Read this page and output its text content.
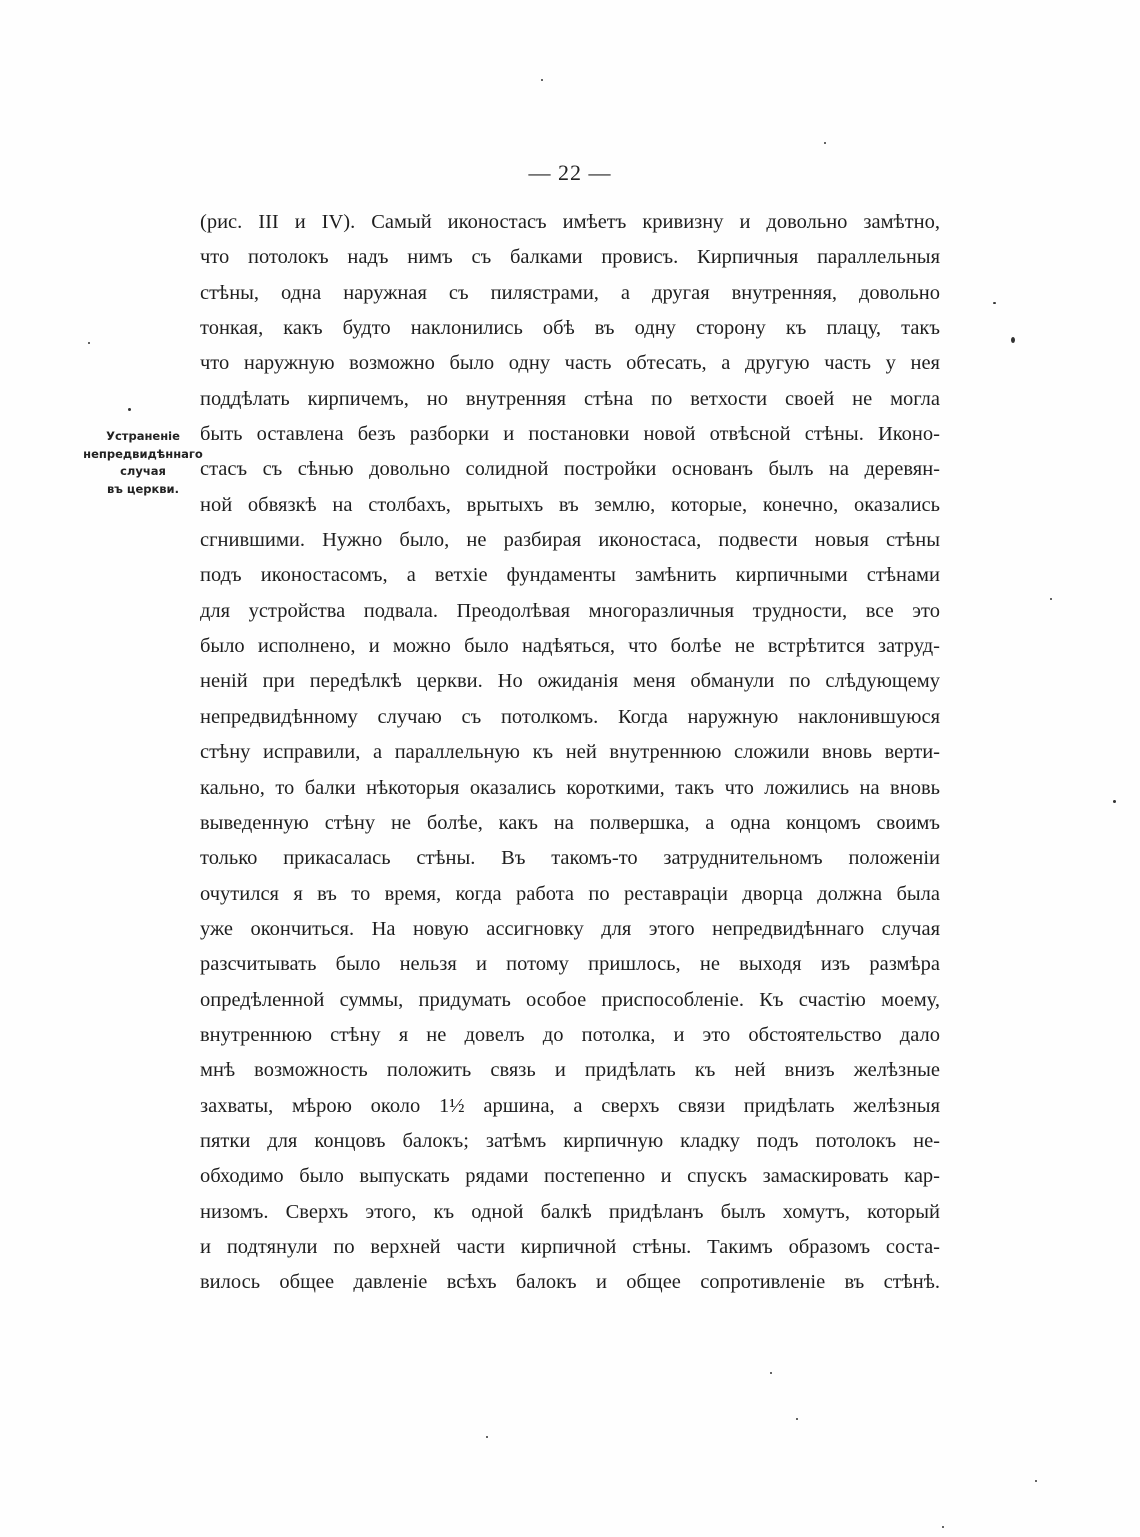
— 22 —
Устраненіе
непредвидѣннаго
случая
въ церкви.
(рис. III и IV). Самый иконостасъ имѣетъ кривизну и довольно замѣтно,
что потолокъ надъ нимъ съ балками провисъ. Кирпичныя параллельныя
стѣны, одна наружная съ пилястрами, а другая внутренняя, довольно
тонкая, какъ будто наклонились обѣ въ одну сторону къ плацу, такъ
что наружную возможно было одну часть обтесать, а другую часть у нея
поддѣлать кирпичемъ, но внутренняя стѣна по ветхости своей не могла
быть оставлена безъ разборки и постановки новой отвѣсной стѣны. Иконо-
стасъ съ сѣнью довольно солидной постройки основанъ былъ на деревян-
ной обвязкѣ на столбахъ, врытыхъ въ землю, которые, конечно, оказались
сгнившими. Нужно было, не разбирая иконостаса, подвести новыя стѣны
подъ иконостасомъ, а ветхіе фундаменты замѣнить кирпичными стѣнами
для устройства подвала. Преодолѣвая многоразличныя трудности, все это
было исполнено, и можно было надѣяться, что болѣе не встрѣтится затруд-
неній при передѣлкѣ церкви. Но ожиданія меня обманули по слѣдующему
непредвидѣнному случаю съ потолкомъ. Когда наружную наклонившуюся
стѣну исправили, а параллельную къ ней внутреннюю сложили вновь верти-
кально, то балки нѣкоторыя оказались короткими, такъ что ложились на вновь
выведенную стѣну не болѣе, какъ на полвершка, а одна концомъ своимъ
только прикасалась стѣны. Въ такомъ-то затруднительномъ положеніи
очутился я въ то время, когда работа по реставраціи дворца должна была
уже окончиться. На новую ассигновку для этого непредвидѣннаго случая
разсчитывать было нельзя и потому пришлось, не выходя изъ размѣра
опредѣленной суммы, придумать особое приспособленіе. Къ счастію моему,
внутреннюю стѣну я не довелъ до потолка, и это обстоятельство дало
мнѣ возможность положить связь и придѣлать къ ней внизъ желѣзные
захваты, мѣрою около 1½ аршина, а сверхъ связи придѣлать желѣзныя
пятки для концовъ балокъ; затѣмъ кирпичную кладку подъ потолокъ не-
обходимо было выпускать рядами постепенно и спускъ замаскировать кар-
низомъ. Сверхъ этого, къ одной балкѣ придѣланъ былъ хомутъ, который
и подтянули по верхней части кирпичной стѣны. Такимъ образомъ соста-
вилось общее давленіе всѣхъ балокъ и общее сопротивленіе въ стѣнѣ.
